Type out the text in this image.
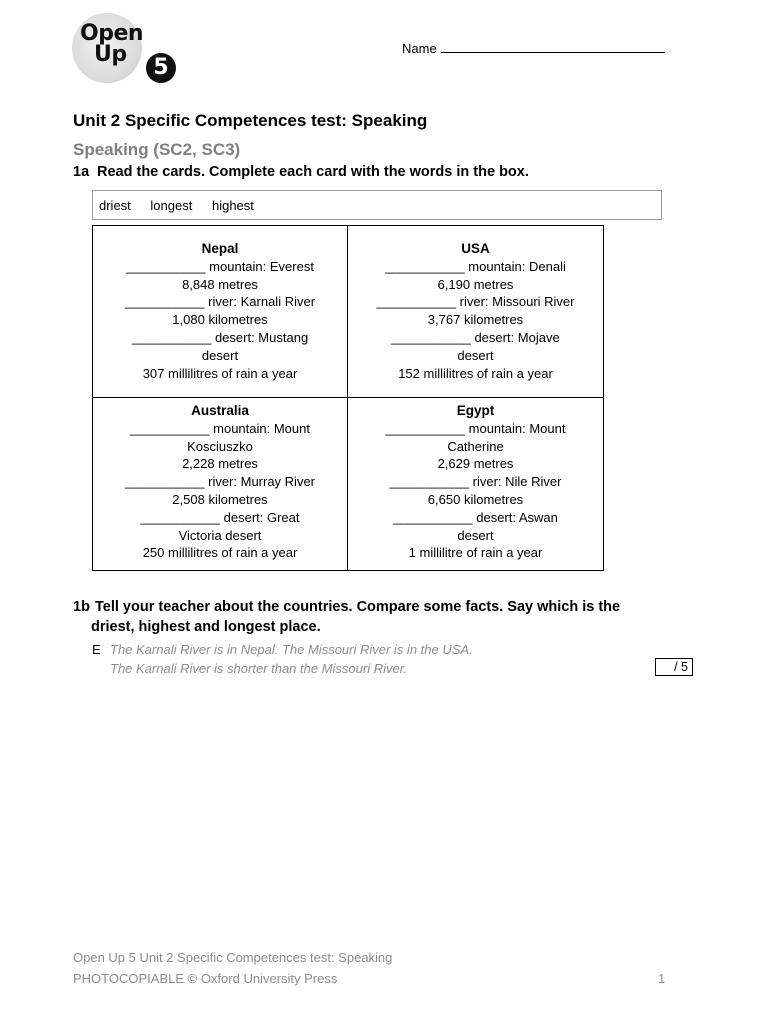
Open
Up
5
Name
Unit 2 Specific Competences test: Speaking
Speaking (SC2, SC3)
1a Read the cards. Complete each card with the words in the box.
driest longest highest
Nepal
___________ mountain: Everest
8,848 metres
___________ river: Karnali River
1,080 kilometres
___________ desert: Mustang desert
307 millilitres of rain a year
USA
___________ mountain: Denali
6,190 metres
___________ river: Missouri River
3,767 kilometres
___________ desert: Mojave desert
152 millilitres of rain a year
Australia
___________ mountain: Mount Kosciuszko
2,228 metres
___________ river: Murray River
2,508 kilometres
___________ desert: Great Victoria desert
250 millilitres of rain a year
Egypt
___________ mountain: Mount Catherine
2,629 metres
___________ river: Nile River
6,650 kilometres
___________ desert: Aswan desert
1 millilitre of rain a year
1b Tell your teacher about the countries. Compare some facts. Say which is the
driest, highest and longest place.
E The Karnali River is in Nepal. The Missouri River is in the USA.
The Karnali River is shorter than the Missouri River.	/ 5
Open Up 5 Unit 2 Specific Competences test: Speaking
PHOTOCOPIABLE © Oxford University Press	1
